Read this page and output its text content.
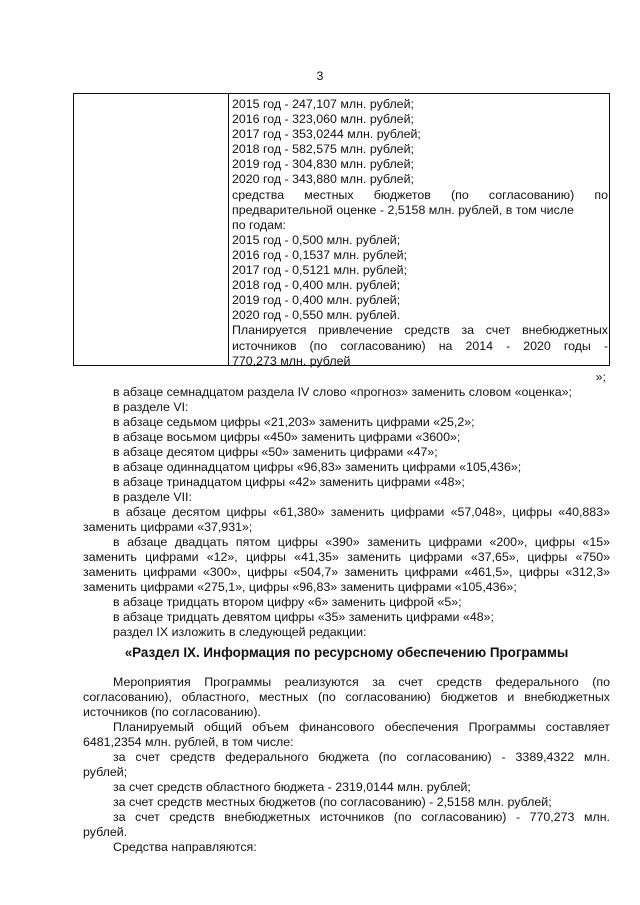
3
2015 год - 247,107 млн. рублей;
2016 год - 323,060 млн. рублей;
2017 год - 353,0244 млн. рублей;
2018 год - 582,575 млн. рублей;
2019 год - 304,830 млн. рублей;
2020 год - 343,880 млн. рублей;
средства местных бюджетов (по согласованию) по
предварительной оценке - 2,5158 млн. рублей, в том числе
по годам:
2015 год - 0,500 млн. рублей;
2016 год - 0,1537 млн. рублей;
2017 год - 0,5121 млн. рублей;
2018 год - 0,400 млн. рублей;
2019 год - 0,400 млн. рублей;
2020 год - 0,550 млн. рублей.
Планируется привлечение средств за счет внебюджетных
источников (по согласованию) на 2014 - 2020 годы -
770,273 млн. рублей
»;
в абзаце семнадцатом раздела IV слово «прогноз» заменить словом «оценка»;
в разделе VI:
в абзаце седьмом цифры «21,203» заменить цифрами «25,2»;
в абзаце восьмом цифры «450» заменить цифрами «3600»;
в абзаце десятом цифры «50» заменить цифрами «47»;
в абзаце одиннадцатом цифры «96,83» заменить цифрами «105,436»;
в абзаце тринадцатом цифры «42» заменить цифрами «48»;
в разделе VII:
в абзаце десятом цифры «61,380» заменить цифрами «57,048», цифры «40,883»
заменить цифрами «37,931»;
в абзаце двадцать пятом цифры «390» заменить цифрами «200», цифры «15»
заменить цифрами «12», цифры «41,35» заменить цифрами «37,65», цифры «750»
заменить цифрами «300», цифры «504,7» заменить цифрами «461,5», цифры «312,3»
заменить цифрами «275,1», цифры «96,83» заменить цифрами «105,436»;
в абзаце тридцать втором цифру «6» заменить цифрой «5»;
в абзаце тридцать девятом цифры «35» заменить цифрами «48»;
раздел IX изложить в следующей редакции:
«Раздел IX. Информация по ресурсному обеспечению Программы
Мероприятия Программы реализуются за счет средств федерального (по
согласованию), областного, местных (по согласованию) бюджетов и внебюджетных
источников (по согласованию).
Планируемый общий объем финансового обеспечения Программы составляет
6481,2354 млн. рублей, в том числе:
за счет средств федерального бюджета (по согласованию) - 3389,4322 млн.
рублей;
за счет средств областного бюджета - 2319,0144 млн. рублей;
за счет средств местных бюджетов (по согласованию) - 2,5158 млн. рублей;
за счет средств внебюджетных источников (по согласованию) - 770,273 млн.
рублей.
Средства направляются:
